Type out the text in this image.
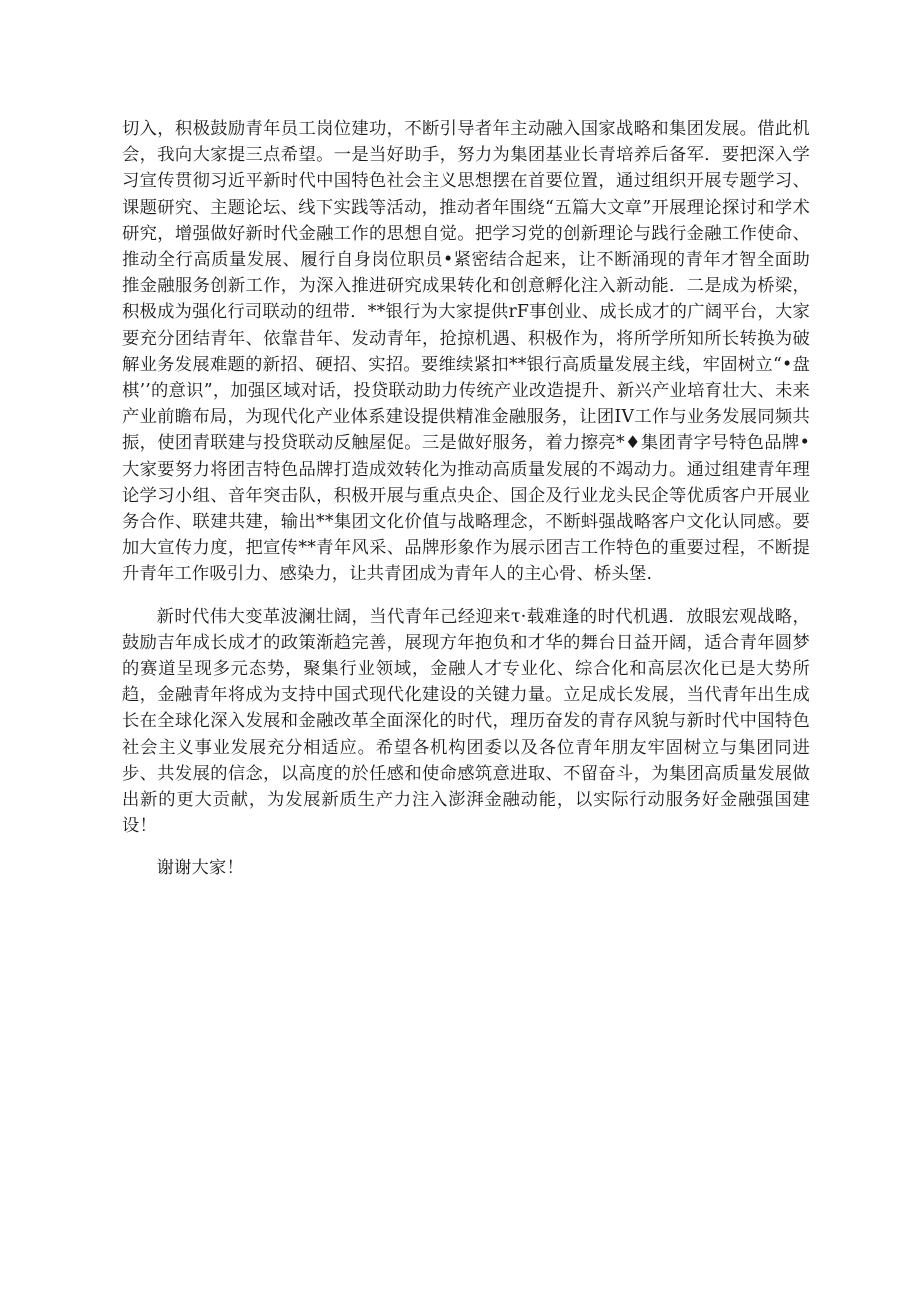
切入，积极鼓励青年员工岗位建功，不断引导者年主动融入国家战略和集团发展。借此机会，我向大家提三点希望。一是当好助手，努力为集团基业长青培养后备军．要把深入学习宣传贯彻习近平新时代中国特色社会主义思想摆在首要位置，通过组织开展专题学习、课题研究、主题论坛、线下实践等活动，推动者年围绕“五篇大文章”开展理论探讨和学术研究，增强做好新时代金融工作的思想自觉。把学习党的创新理论与践行金融工作使命、推动全行高质量发展、履行自身岗位职员•紧密结合起来，让不断涌现的青年才智全面助推金融服务创新工作，为深入推进研究成果转化和创意孵化注入新动能．二是成为桥梁，积极成为强化行司联动的纽带．**银行为大家提供rF事创业、成长成才的广阔平台，大家要充分团结青年、依靠昔年、发动青年，抢掠机遇、积极作为，将所学所知所长转换为破解业务发展难题的新招、硬招、实招。要维续紧扣**银行高质量发展主线，牢固树立“•盘棋’’的意识”，加强区域对话，投贷联动助力传统产业改造提升、新兴产业培育壮大、未来产业前瞻布局，为现代化产业体系建设提供精准金融服务，让团IV工作与业务发展同频共振，使团青联建与投贷联动反触屋促。三是做好服务，着力擦亮*♦集团青字号特色品牌•大家要努力将团吉特色品牌打造成效转化为推动高质量发展的不竭动力。通过组建青年理论学习小组、音年突击队，积极开展与重点央企、国企及行业龙头民企等优质客户开展业务合作、联建共建，输出**集团文化价值与战略理念，不断蚪强战略客户文化认同感。要加大宣传力度，把宣传**青年风采、品牌形象作为展示团吉工作特色的重要过程，不断提升青年工作吸引力、感染力，让共青团成为青年人的主心骨、桥头堡.

新时代伟大变革波澜壮阔，当代青年己经迎来τ·载难逢的时代机遇．放眼宏观战略，鼓励吉年成长成才的政策渐趋完善，展现方年抱负和才华的舞台日益开阔，适合青年圆梦的赛道呈现多元态势，聚集行业领域，金融人才专业化、综合化和高层次化已是大势所趋，金融青年将成为支持中国式现代化建设的关键力量。立足成长发展，当代青年出生成长在全球化深入发展和金融改革全面深化的时代，理历奋发的青存风貌与新时代中国特色社会主义事业发展充分相适应。希望各机构团委以及各位青年朋友牢固树立与集团同进步、共发展的信念，以高度的於任感和使命感筑意进取、不留奋斗，为集团高质量发展做出新的更大贡献，为发展新质生产力注入澎湃金融动能，以实际行动服务好金融强国建设！

谢谢大家！
